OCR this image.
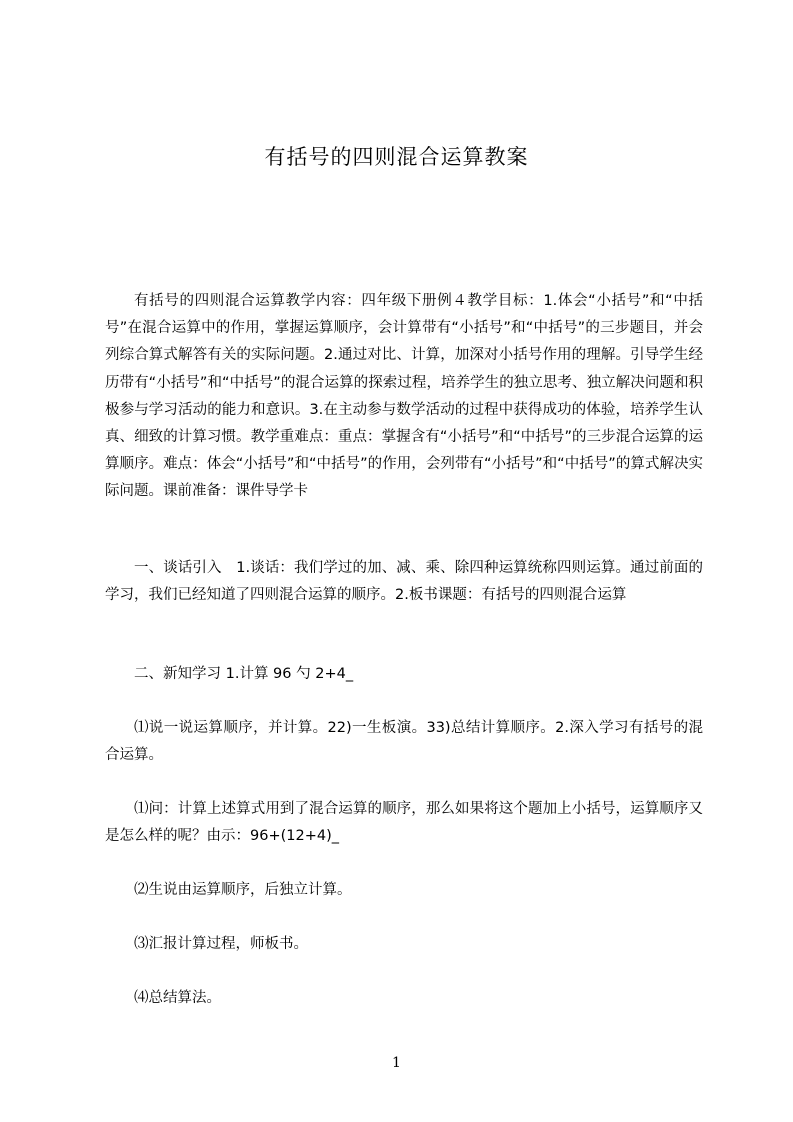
有括号的四则混合运算教案

有括号的四则混合运算教学内容：四年级下册例４教学目标：1.体会“小括号”和“中括号”在混合运算中的作用，掌握运算顺序，会计算带有“小括号”和“中括号”的三步题目，并会列综合算式解答有关的实际问题。2.通过对比、计算，加深对小括号作用的理解。引导学生经历带有“小括号”和“中括号”的混合运算的探索过程，培养学生的独立思考、独立解决问题和积极参与学习活动的能力和意识。3.在主动参与数学活动的过程中获得成功的体验，培养学生认真、细致的计算习惯。教学重难点：重点：掌握含有“小括号”和“中括号”的三步混合运算的运算顺序。难点：体会“小括号”和“中括号”的作用，会列带有“小括号”和“中括号”的算式解决实际问题。课前准备：课件导学卡

一、谈话引入　1.谈话：我们学过的加、减、乘、除四种运算统称四则运算。通过前面的学习，我们已经知道了四则混合运算的顺序。2.板书课题：有括号的四则混合运算

二、新知学习 1.计算 96 勺 2+4_

⑴说一说运算顺序，并计算。22)一生板演。33)总结计算顺序。2.深入学习有括号的混合运算。

⑴问：计算上述算式用到了混合运算的顺序，那么如果将这个题加上小括号，运算顺序又是怎么样的呢？由示：96+(12+4)_

⑵生说由运算顺序，后独立计算。

⑶汇报计算过程，师板书。

⑷总结算法。

1
